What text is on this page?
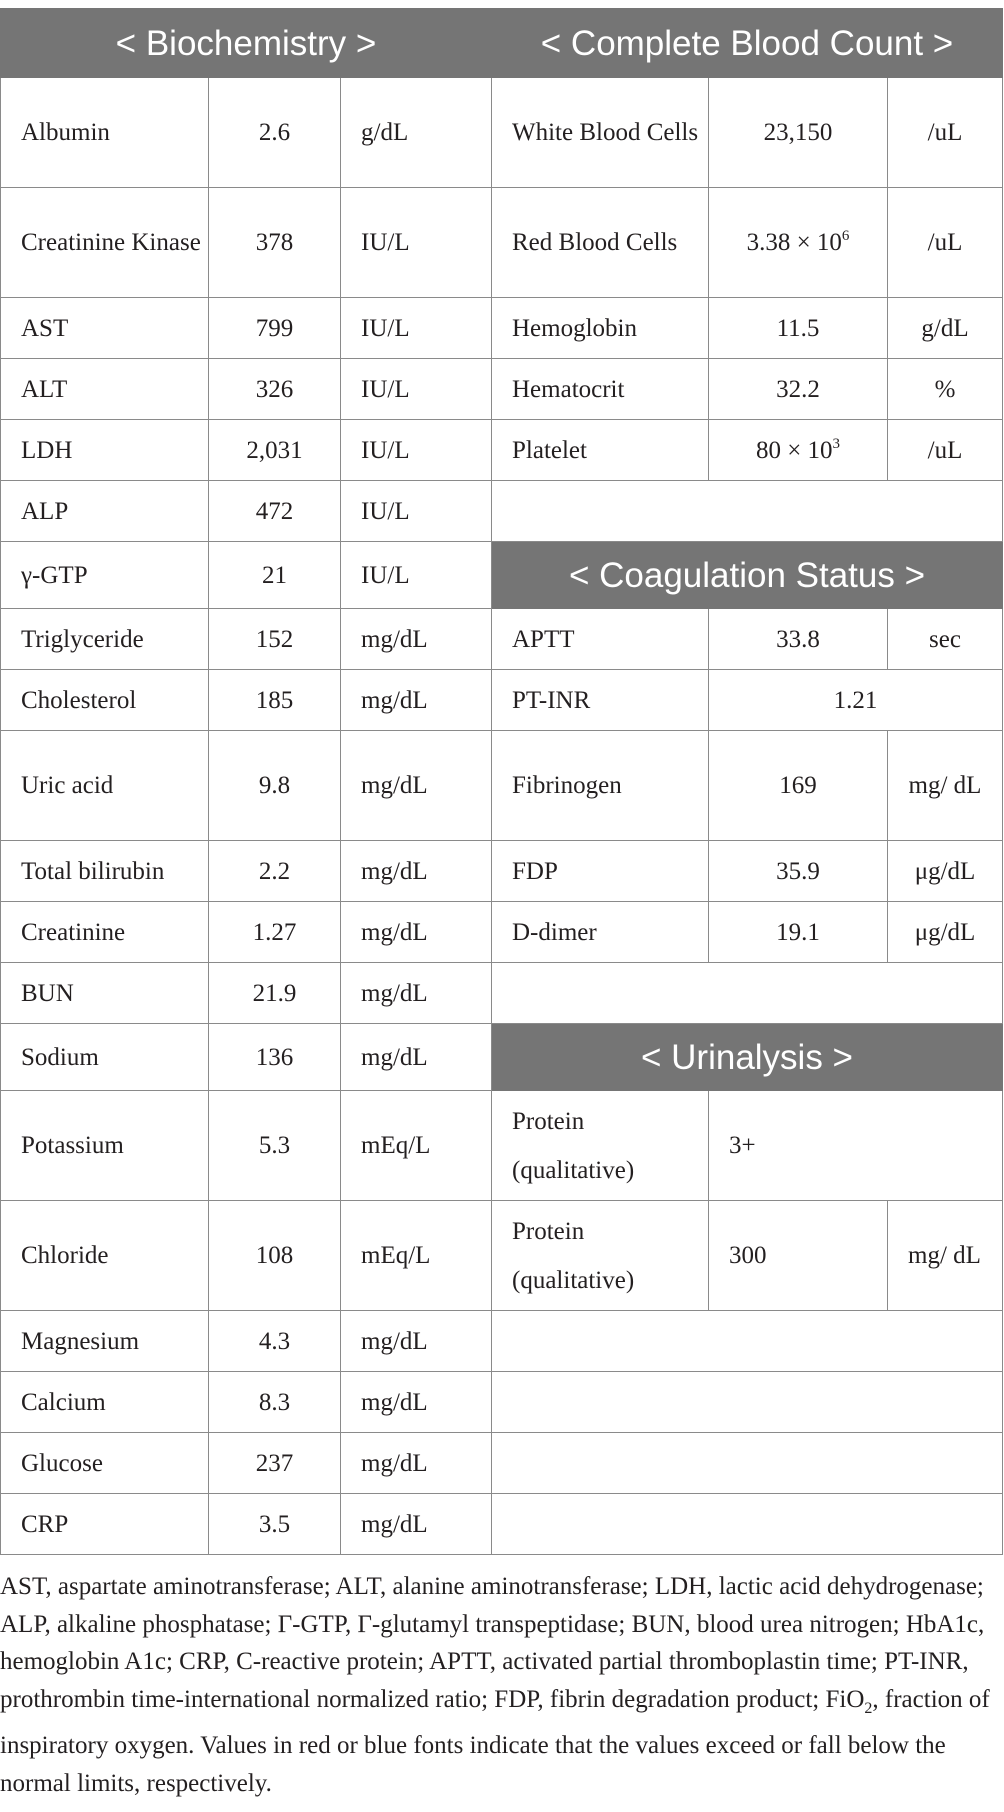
< Biochemistry >			< Complete Blood Count >		
Albumin	2.6	g/dL	White Blood Cells	23,150	/uL
Creatinine Kinase	378	IU/L	Red Blood Cells	$3.38 \times 10^6$	/uL
AST	799	IU/L	Hemoglobin	11.5	g/dL
ALT	326	IU/L	Hematocrit	32.2	%
LDH	2,031	IU/L	Platelet	$80 \times 10^3$	/uL
ALP	472	IU/L			
γ-GTP	21	IU/L	< Coagulation Status >		
Triglyceride	152	mg/dL	APTT	33.8	sec
Cholesterol	185	mg/dL	PT-INR	1.21	
Uric acid	9.8	mg/dL	Fibrinogen	169	mg/ dL
Total bilirubin	2.2	mg/dL	FDP	35.9	μg/dL
Creatinine	1.27	mg/dL	D-dimer	19.1	μg/dL
BUN	21.9	mg/dL			
Sodium	136	mg/dL	< Urinalysis >		
Potassium	5.3	mEq/L	Protein (qualitative)	3+	
Chloride	108	mEq/L	Protein (qualitative)	300	mg/ dL
Magnesium	4.3	mg/dL			
Calcium	8.3	mg/dL			
Glucose	237	mg/dL			
CRP	3.5	mg/dL			
AST, aspartate aminotransferase; ALT, alanine aminotransferase; LDH, lactic acid dehydrogenase; ALP, alkaline phosphatase; Γ-GTP, Γ-glutamyl transpeptidase; BUN, blood urea nitrogen; HbA1c, hemoglobin A1c; CRP, C-reactive protein; APTT, activated partial thromboplastin time; PT-INR, prothrombin time-international normalized ratio; FDP, fibrin degradation product; FiO$_2$, fraction of inspiratory oxygen. Values in red or blue fonts indicate that the values exceed or fall below the normal limits, respectively.
